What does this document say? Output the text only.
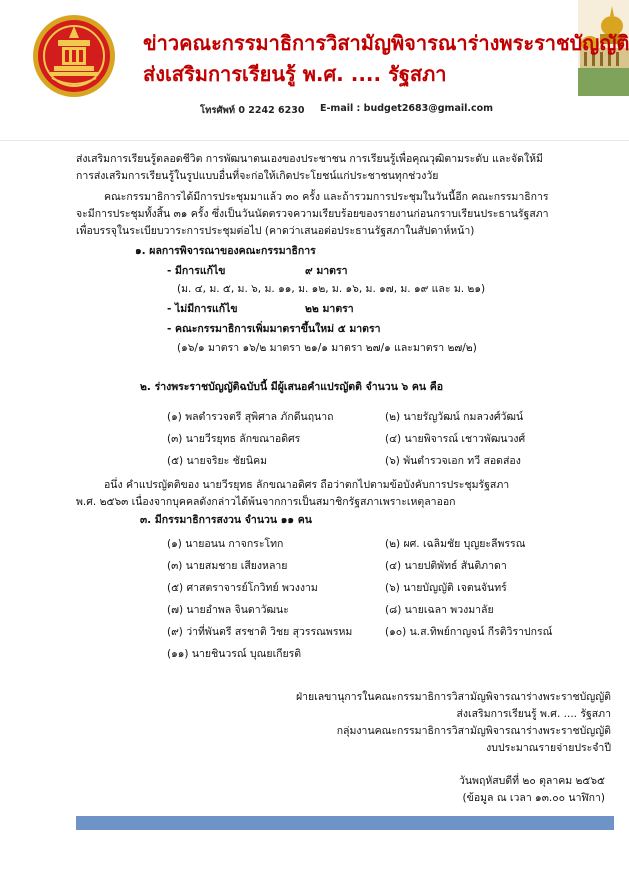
ข่าวคณะกรรมาธิการวิสามัญพิจารณาร่างพระราชบัญญัติ
ส่งเสริมการเรียนรู้ พ.ศ. .... รัฐสภา
โทรศัพท์ 0 2242 6230 E-mail : budget2683@gmail.com
ส่งเสริมการเรียนรู้ตลอดชีวิต การพัฒนาตนเองของประชาชน การเรียนรู้เพื่อคุณวุฒิตามระดับ และจัดให้มี
การส่งเสริมการเรียนรู้ในรูปแบบอื่นที่จะก่อให้เกิดประโยชน์แก่ประชาชนทุกช่วงวัย
คณะกรรมาธิการได้มีการประชุมมาแล้ว ๓๐ ครั้ง และถ้ารวมการประชุมในวันนี้อีก คณะกรรมาธิการ
จะมีการประชุมทั้งสิ้น ๓๑ ครั้ง ซึ่งเป็นวันนัดตรวจความเรียบร้อยของรายงานก่อนกราบเรียนประธานรัฐสภา
เพื่อบรรจุในระเบียบวาระการประชุมต่อไป (คาดว่าเสนอต่อประธานรัฐสภาในสัปดาห์หน้า)
๑. ผลการพิจารณาของคณะกรรมาธิการ
- มีการแก้ไข	๙ มาตรา
(ม. ๔, ม. ๕, ม. ๖, ม. ๑๑, ม. ๑๒, ม. ๑๖, ม. ๑๗, ม. ๑๙ และ ม. ๒๑)
- ไม่มีการแก้ไข	๒๒ มาตรา
- คณะกรรมาธิการเพิ่มมาตราขึ้นใหม่ ๕ มาตรา
(๑๖/๑ มาตรา ๑๖/๒ มาตรา ๒๑/๑ มาตรา ๒๗/๑ และมาตรา ๒๗/๒)
๒. ร่างพระราชบัญญัติฉบับนี้ มีผู้เสนอคำแปรญัตติ จำนวน ๖ คน คือ
(๑) พลตำรวจตรี สุพิศาล ภักดีนฤนาถ
(๓) นายวีรยุทธ ลักขณาอดิศร
(๕) นายจริยะ ชัยนิคม
(๒) นายรัญวัฒน์ กมลวงศ์วัฒน์
(๔) นายพิจารณ์ เชาวพัฒนวงศ์
(๖) พันตำรวจเอก ทวี สอดส่อง
อนึ่ง คำแปรญัตติของ นายวีรยุทธ ลักขณาอดิศร ถือว่าตกไปตามข้อบังคับการประชุมรัฐสภา
พ.ศ. ๒๕๖๓ เนื่องจากบุคคลดังกล่าวได้พ้นจากการเป็นสมาชิกรัฐสภาเพราะเหตุลาออก
๓. มีกรรมาธิการสงวน จำนวน ๑๑ คน
(๑) นายอนน กาจกระโทก
(๓) นายสมชาย เสียงหลาย
(๕) ศาสตราจารย์โกวิทย์ พวงงาม
(๗) นายอำพล จินดาวัฒนะ
(๙) ว่าที่พันตรี สรชาติ วิชย สุวรรณพรหม
(๑๑) นายชินวรณ์ บุณยเกียรติ
(๒) ผศ. เฉลิมชัย บุญยะลีพรรณ
(๔) นายปติพัทธ์ สันติภาดา
(๖) นายบัญญัติ เจตนจันทร์
(๘) นายเฉลา พวงมาลัย
(๑๐) น.ส.ทิพย์กาญจน์ กีรติวิราปกรณ์
ฝ่ายเลขานุการในคณะกรรมาธิการวิสามัญพิจารณาร่างพระราชบัญญัติ
ส่งเสริมการเรียนรู้ พ.ศ. .... รัฐสภา
กลุ่มงานคณะกรรมาธิการวิสามัญพิจารณาร่างพระราชบัญญัติ
งบประมาณรายจ่ายประจำปี
วันพฤหัสบดีที่ ๒๐ ตุลาคม ๒๕๖๕
(ข้อมูล ณ เวลา ๑๓.๐๐ นาฬิกา)
